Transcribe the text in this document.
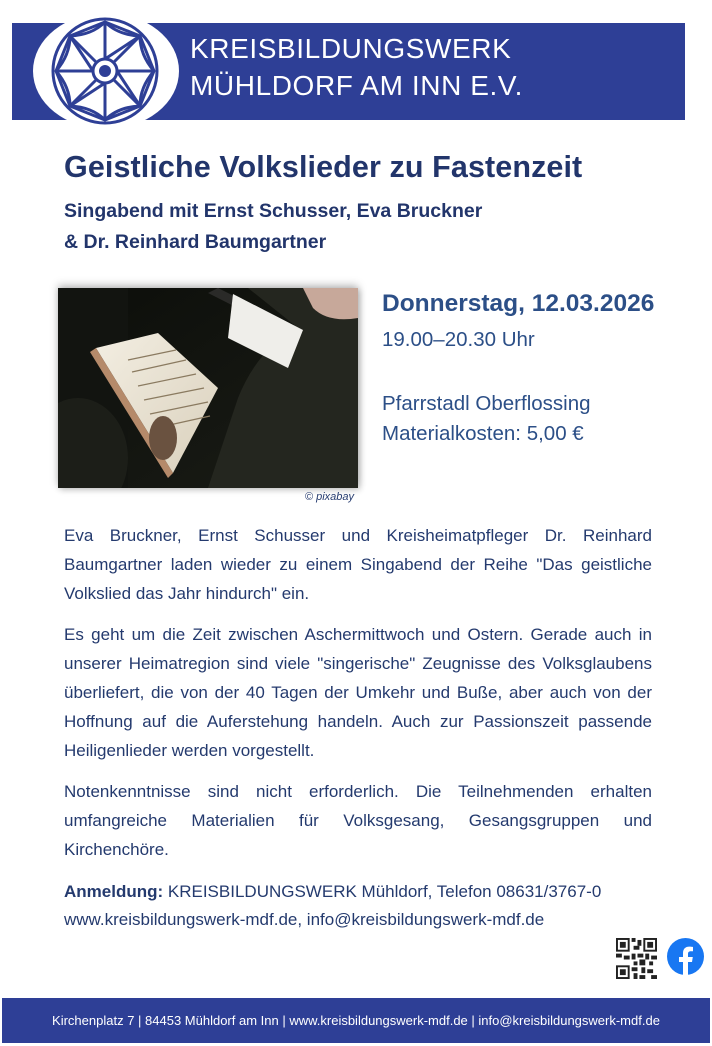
KREISBILDUNGSWERK
MÜHLDORF AM INN E.V.
Geistliche Volkslieder zu Fastenzeit
Singabend mit Ernst Schusser, Eva Bruckner
& Dr. Reinhard Baumgartner
© pixabay
Donnerstag, 12.03.2026
19.00–20.30 Uhr
Pfarrstadl Oberflossing
Materialkosten: 5,00 €
Eva Bruckner, Ernst Schusser und Kreisheimatpfleger Dr. Reinhard Baumgartner laden wieder zu einem Singabend der Reihe "Das geistliche Volkslied das Jahr hindurch" ein.
Es geht um die Zeit zwischen Aschermittwoch und Ostern. Gerade auch in unserer Heimatregion sind viele "singerische" Zeugnisse des Volksglaubens überliefert, die von der 40 Tagen der Umkehr und Buße, aber auch von der Hoffnung auf die Auferstehung handeln. Auch zur Passionszeit passende Heiligenlieder werden vorgestellt.
Notenkenntnisse sind nicht erforderlich. Die Teilnehmenden erhalten umfangreiche Materialien für Volksgesang, Gesangsgruppen und Kirchenchöre.
Anmeldung: KREISBILDUNGSWERK Mühldorf, Telefon 08631/3767-0
www.kreisbildungswerk-mdf.de, info@kreisbildungswerk-mdf.de
Kirchenplatz 7 | 84453 Mühldorf am Inn | www.kreisbildungswerk-mdf.de | info@kreisbildungswerk-mdf.de
